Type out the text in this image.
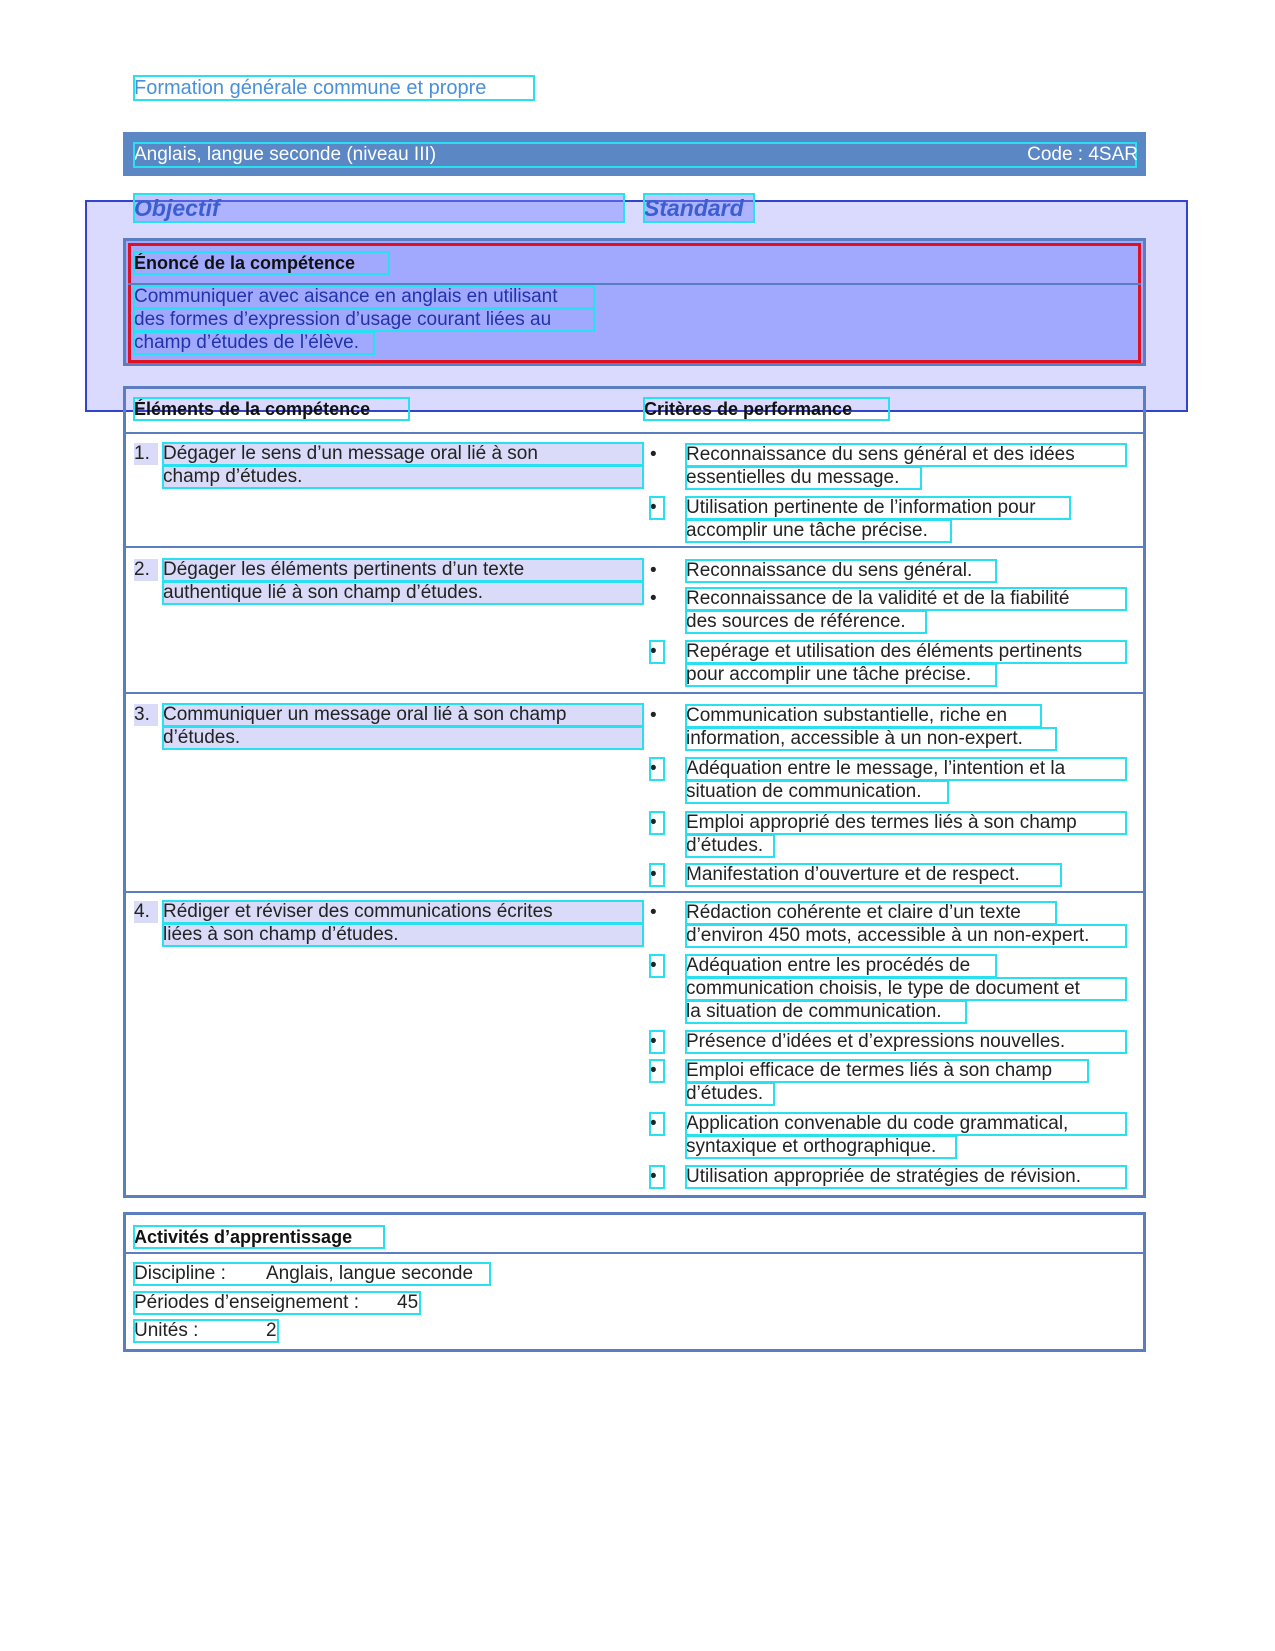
Formation générale commune et propre
Anglais, langue seconde (niveau III)	Code : 4SAR
Objectif	Standard
Énoncé de la compétence
Communiquer avec aisance en anglais en utilisant
des formes d’expression d’usage courant liées au
champ d’études de l’élève.
Éléments de la compétence	Critères de performance
1. Dégager le sens d’un message oral lié à son
champ d’études.
•	Reconnaissance du sens général et des idées
essentielles du message.
•	Utilisation pertinente de l’information pour
accomplir une tâche précise.
2. Dégager les éléments pertinents d’un texte
authentique lié à son champ d’études.
•	Reconnaissance du sens général.
•	Reconnaissance de la validité et de la fiabilité
des sources de référence.
•	Repérage et utilisation des éléments pertinents
pour accomplir une tâche précise.
3. Communiquer un message oral lié à son champ
d’études.
•	Communication substantielle, riche en
information, accessible à un non-expert.
•	Adéquation entre le message, l’intention et la
situation de communication.
•	Emploi approprié des termes liés à son champ
d’études.
•	Manifestation d’ouverture et de respect.
4. Rédiger et réviser des communications écrites
liées à son champ d’études.
•	Rédaction cohérente et claire d’un texte
d’environ 450 mots, accessible à un non-expert.
•	Adéquation entre les procédés de
communication choisis, le type de document et
la situation de communication.
•	Présence d’idées et d’expressions nouvelles.
•	Emploi efficace de termes liés à son champ
d’études.
•	Application convenable du code grammatical,
syntaxique et orthographique.
•	Utilisation appropriée de stratégies de révision.
Activités d’apprentissage
Discipline : Anglais, langue seconde
Périodes d’enseignement : 45
Unités :	2
